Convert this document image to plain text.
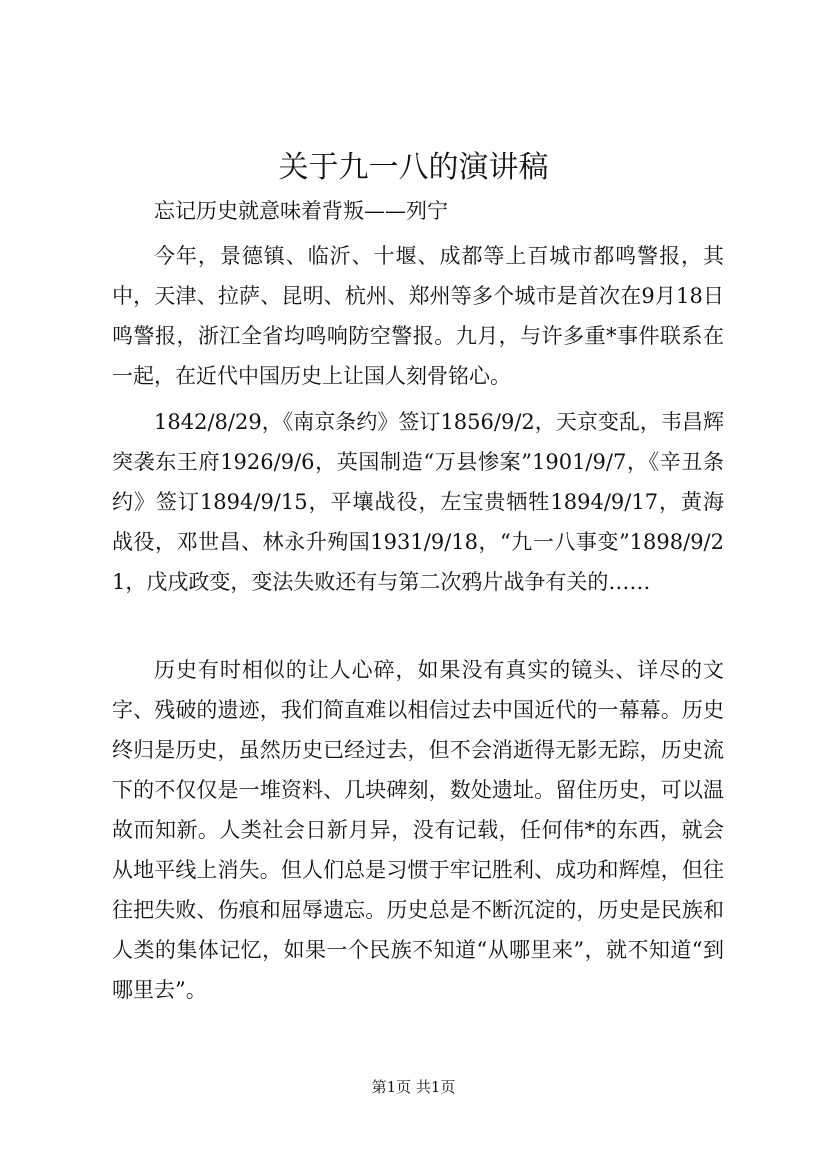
关于九一八的演讲稿

忘记历史就意味着背叛——列宁

今年，景德镇、临沂、十堰、成都等上百城市都鸣警报，其中，天津、拉萨、昆明、杭州、郑州等多个城市是首次在9月18日鸣警报，浙江全省均鸣响防空警报。九月，与许多重*事件联系在一起，在近代中国历史上让国人刻骨铭心。

1842/8/29，《南京条约》签订1856/9/2，天京变乱，韦昌辉突袭东王府1926/9/6，英国制造“万县惨案”1901/9/7，《辛丑条约》签订1894/9/15，平壤战役，左宝贵牺牲1894/9/17，黄海战役，邓世昌、林永升殉国1931/9/18，“九一八事变”1898/9/21，戊戌政变，变法失败还有与第二次鸦片战争有关的……

历史有时相似的让人心碎，如果没有真实的镜头、详尽的文字、残破的遗迹，我们简直难以相信过去中国近代的一幕幕。历史终归是历史，虽然历史已经过去，但不会消逝得无影无踪，历史流下的不仅仅是一堆资料、几块碑刻，数处遗址。留住历史，可以温故而知新。人类社会日新月异，没有记载，任何伟*的东西，就会从地平线上消失。但人们总是习惯于牢记胜利、成功和辉煌，但往往把失败、伤痕和屈辱遗忘。历史总是不断沉淀的，历史是民族和人类的集体记忆，如果一个民族不知道“从哪里来”，就不知道“到哪里去”。

第1页 共1页
